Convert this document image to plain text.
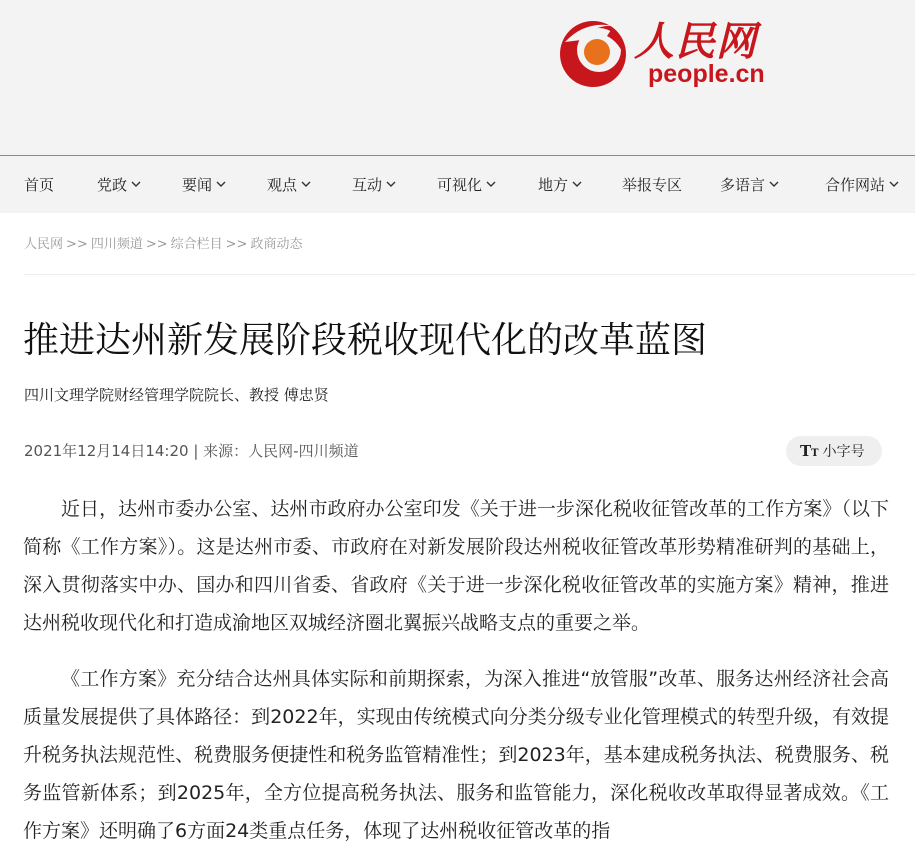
人民网
people.cn
首页	党政	要闻	观点	互动	可视化	地方	举报专区	多语言	合作网站
人民网 >> 四川频道 >> 综合栏目 >> 政商动态
推进达州新发展阶段税收现代化的改革蓝图
四川文理学院财经管理学院院长、教授 傅忠贤
2021年12月14日14:20 | 来源：人民网-四川频道	TT 小字号

近日，达州市委办公室、达州市政府办公室印发《关于进一步深化税收征管改革的工作方案》（以下简称《工作方案》）。这是达州市委、市政府在对新发展阶段达州税收征管改革形势精准研判的基础上，深入贯彻落实中办、国办和四川省委、省政府《关于进一步深化税收征管改革的实施方案》精神，推进达州税收现代化和打造成渝地区双城经济圈北翼振兴战略支点的重要之举。

《工作方案》充分结合达州具体实际和前期探索，为深入推进“放管服”改革、服务达州经济社会高质量发展提供了具体路径：到2022年，实现由传统模式向分类分级专业化管理模式的转型升级，有效提升税务执法规范性、税费服务便捷性和税务监管精准性；到2023年，基本建成税务执法、税费服务、税务监管新体系；到2025年，全方位提高税务执法、服务和监管能力，深化税收改革取得显著成效。《工作方案》还明确了6方面24类重点任务，体现了达州税收征管改革的指
